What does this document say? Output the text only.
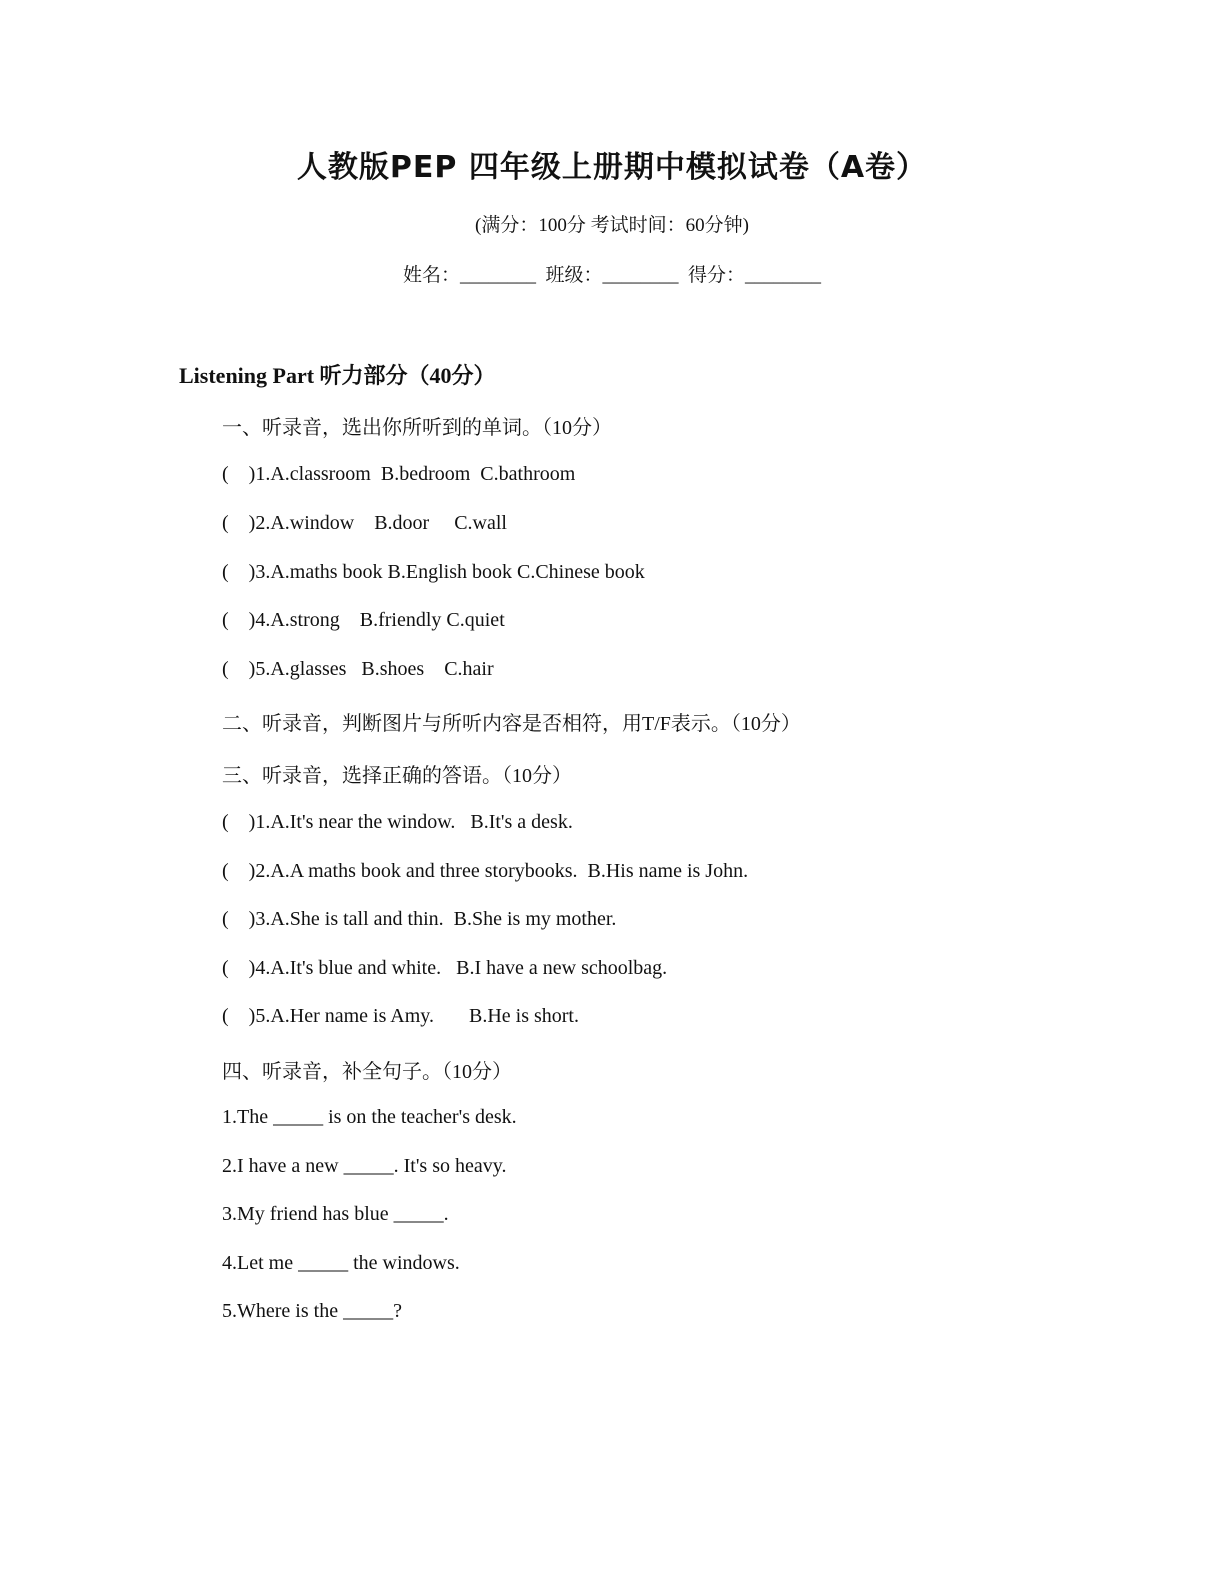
人教版PEP 四年级上册期中模拟试卷（A卷）
(满分：100分 考试时间：60分钟)
姓名：________ 班级：________ 得分：________
Listening Part 听力部分（40分）
一、听录音，选出你所听到的单词。（10分）
(    )1.A.classroom  B.bedroom  C.bathroom
(    )2.A.window    B.door     C.wall
(    )3.A.maths book B.English book C.Chinese book
(    )4.A.strong    B.friendly C.quiet
(    )5.A.glasses   B.shoes    C.hair
二、听录音，判断图片与所听内容是否相符，用T/F表示。（10分）
三、听录音，选择正确的答语。（10分）
(    )1.A.It's near the window.   B.It's a desk.
(    )2.A.A maths book and three storybooks.  B.His name is John.
(    )3.A.She is tall and thin.  B.She is my mother.
(    )4.A.It's blue and white.   B.I have a new schoolbag.
(    )5.A.Her name is Amy.       B.He is short.
四、听录音，补全句子。（10分）
1.The _____ is on the teacher's desk.
2.I have a new _____. It's so heavy.
3.My friend has blue _____.
4.Let me _____ the windows.
5.Where is the _____?
